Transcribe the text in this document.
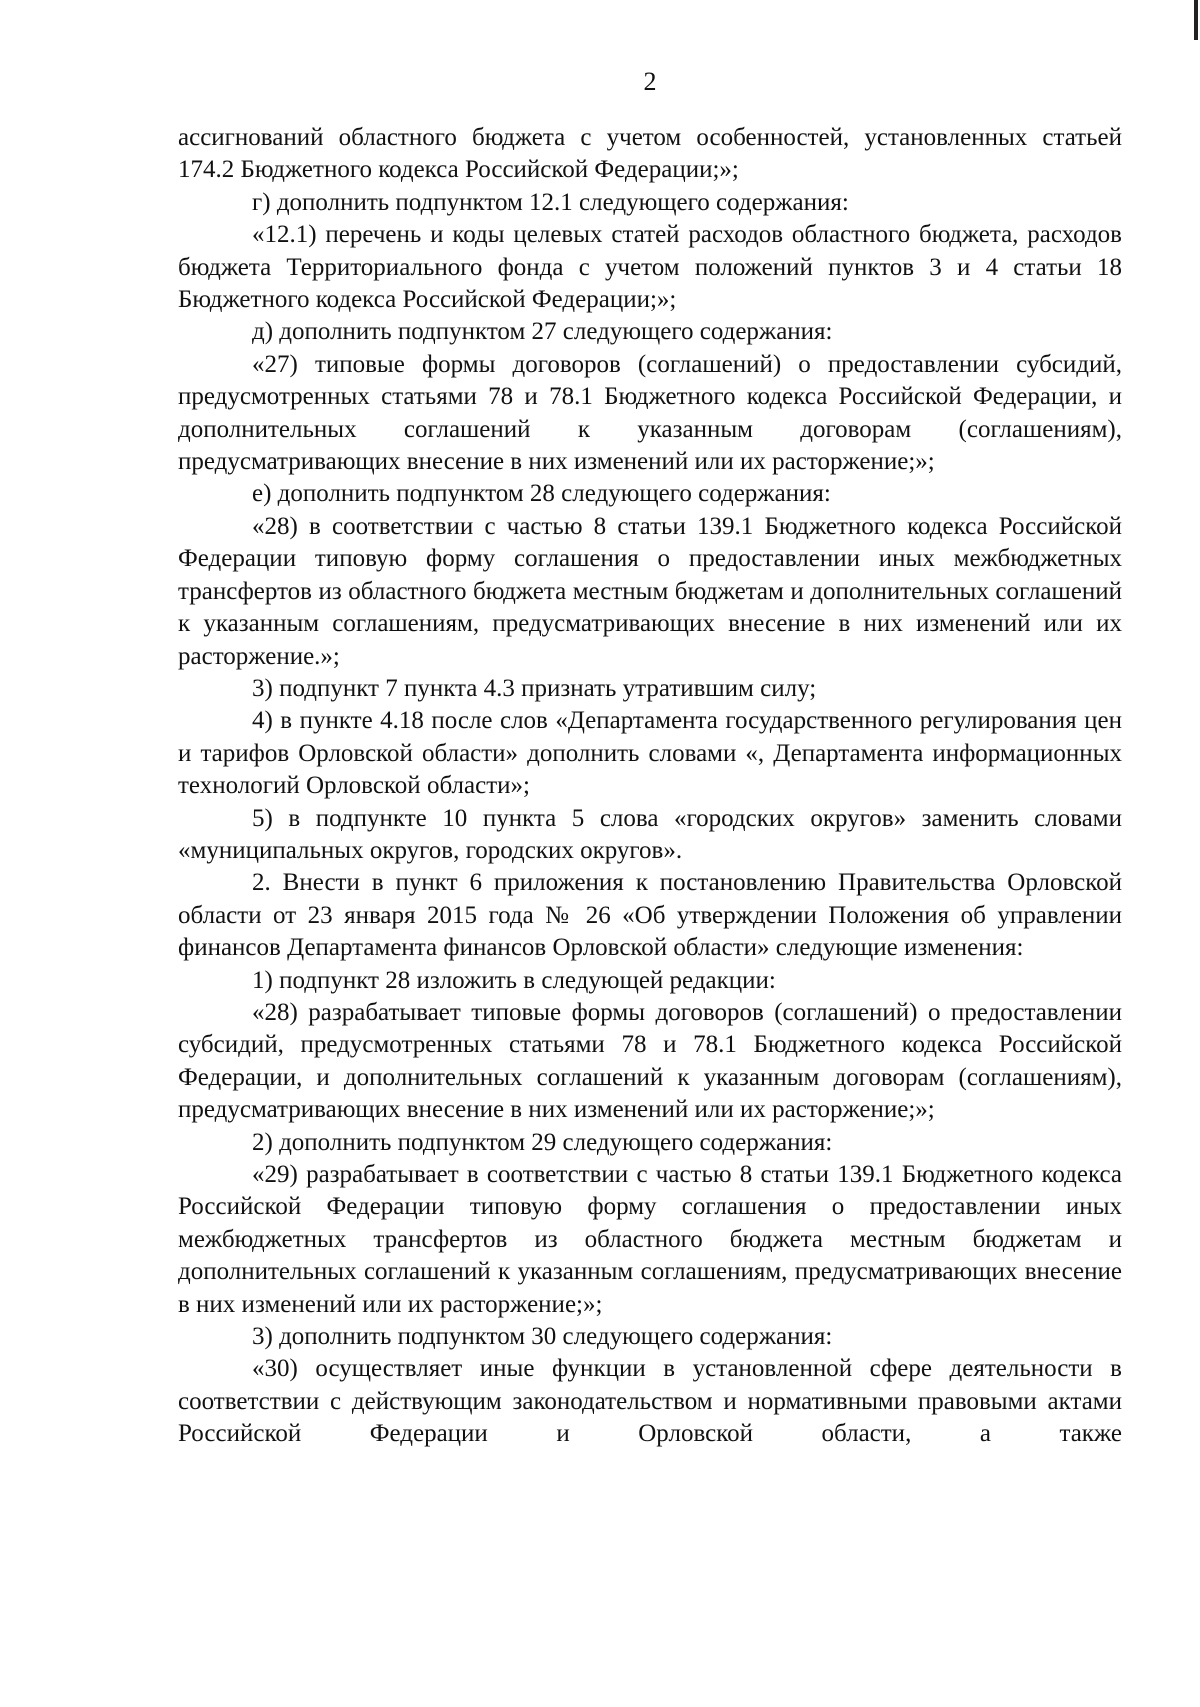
2

ассигнований областного бюджета с учетом особенностей, установленных статьей 174.2 Бюджетного кодекса Российской Федерации;»;

г) дополнить подпунктом 12.1 следующего содержания:

«12.1) перечень и коды целевых статей расходов областного бюджета, расходов бюджета Территориального фонда с учетом положений пунктов 3 и 4 статьи 18 Бюджетного кодекса Российской Федерации;»;

д) дополнить подпунктом 27 следующего содержания:

«27) типовые формы договоров (соглашений) о предоставлении субсидий, предусмотренных статьями 78 и 78.1 Бюджетного кодекса Российской Федерации, и дополнительных соглашений к указанным договорам (соглашениям), предусматривающих внесение в них изменений или их расторжение;»;

е) дополнить подпунктом 28 следующего содержания:

«28) в соответствии с частью 8 статьи 139.1 Бюджетного кодекса Российской Федерации типовую форму соглашения о предоставлении иных межбюджетных трансфертов из областного бюджета местным бюджетам и дополнительных соглашений к указанным соглашениям, предусматривающих внесение в них изменений или их расторжение.»;

3) подпункт 7 пункта 4.3 признать утратившим силу;

4) в пункте 4.18 после слов «Департамента государственного регулирования цен и тарифов Орловской области» дополнить словами «, Департамента информационных технологий Орловской области»;

5) в подпункте 10 пункта 5 слова «городских округов» заменить словами «муниципальных округов, городских округов».

2. Внести в пункт 6 приложения к постановлению Правительства Орловской области от 23 января 2015 года № 26 «Об утверждении Положения об управлении финансов Департамента финансов Орловской области» следующие изменения:

1) подпункт 28 изложить в следующей редакции:

«28) разрабатывает типовые формы договоров (соглашений) о предоставлении субсидий, предусмотренных статьями 78 и 78.1 Бюджетного кодекса Российской Федерации, и дополнительных соглашений к указанным договорам (соглашениям), предусматривающих внесение в них изменений или их расторжение;»;

2) дополнить подпунктом 29 следующего содержания:

«29) разрабатывает в соответствии с частью 8 статьи 139.1 Бюджетного кодекса Российской Федерации типовую форму соглашения о предоставлении иных межбюджетных трансфертов из областного бюджета местным бюджетам и дополнительных соглашений к указанным соглашениям, предусматривающих внесение в них изменений или их расторжение;»;

3) дополнить подпунктом 30 следующего содержания:

«30) осуществляет иные функции в установленной сфере деятельности в соответствии с действующим законодательством и нормативными правовыми актами Российской Федерации и Орловской области, а также
